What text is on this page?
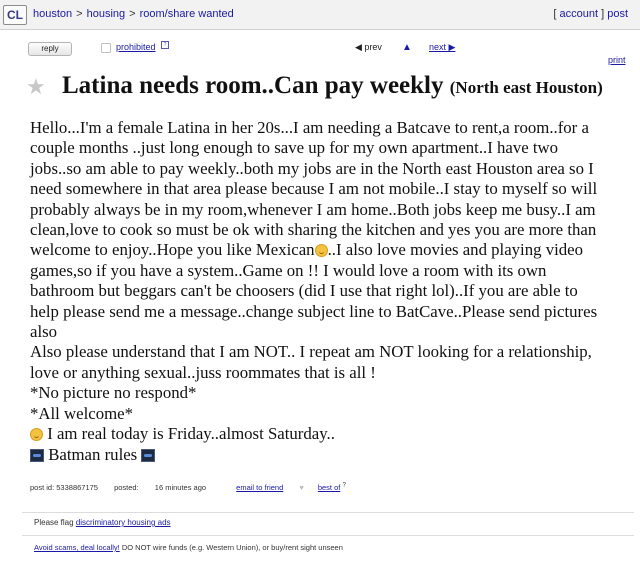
CL houston > housing > room/share wanted	[ account ] post
reply	prohibited	?	◀ prev ▲ next ▶
print
★ Latina needs room..Can pay weekly (North east Houston)

Hello...I'm a female Latina in her 20s...I am needing a Batcave to rent,a room..for a couple months ..just long enough to save up for my own apartment..I have two jobs..so am able to pay weekly..both my jobs are in the North east Houston area so I need somewhere in that area please because I am not mobile..I stay to myself so will probably always be in my room,whenever I am home..Both jobs keep me busy..I am clean,love to cook so must be ok with sharing the kitchen and yes you are more than welcome to enjoy..Hope you like Mexican ..I also love movies and playing video games,so if you have a system..Game on !! I would love a room with its own bathroom but beggars can't be choosers (did I use that right lol)..If you are able to help please send me a message..change subject line to BatCave..Please send pictures also

Also please understand that I am NOT.. I repeat am NOT looking for a relationship, love or anything sexual..juss roommates that is all !

*No picture no respond*

*All welcome*

I am real today is Friday..almost Saturday..

Batman rules

post id: 5338867175 posted: 16 minutes ago	email to friend ♥ best of ?
Please flag discriminatory housing ads
Avoid scams, deal locally! DO NOT wire funds (e.g. Western Union), or buy/rent sight unseen
